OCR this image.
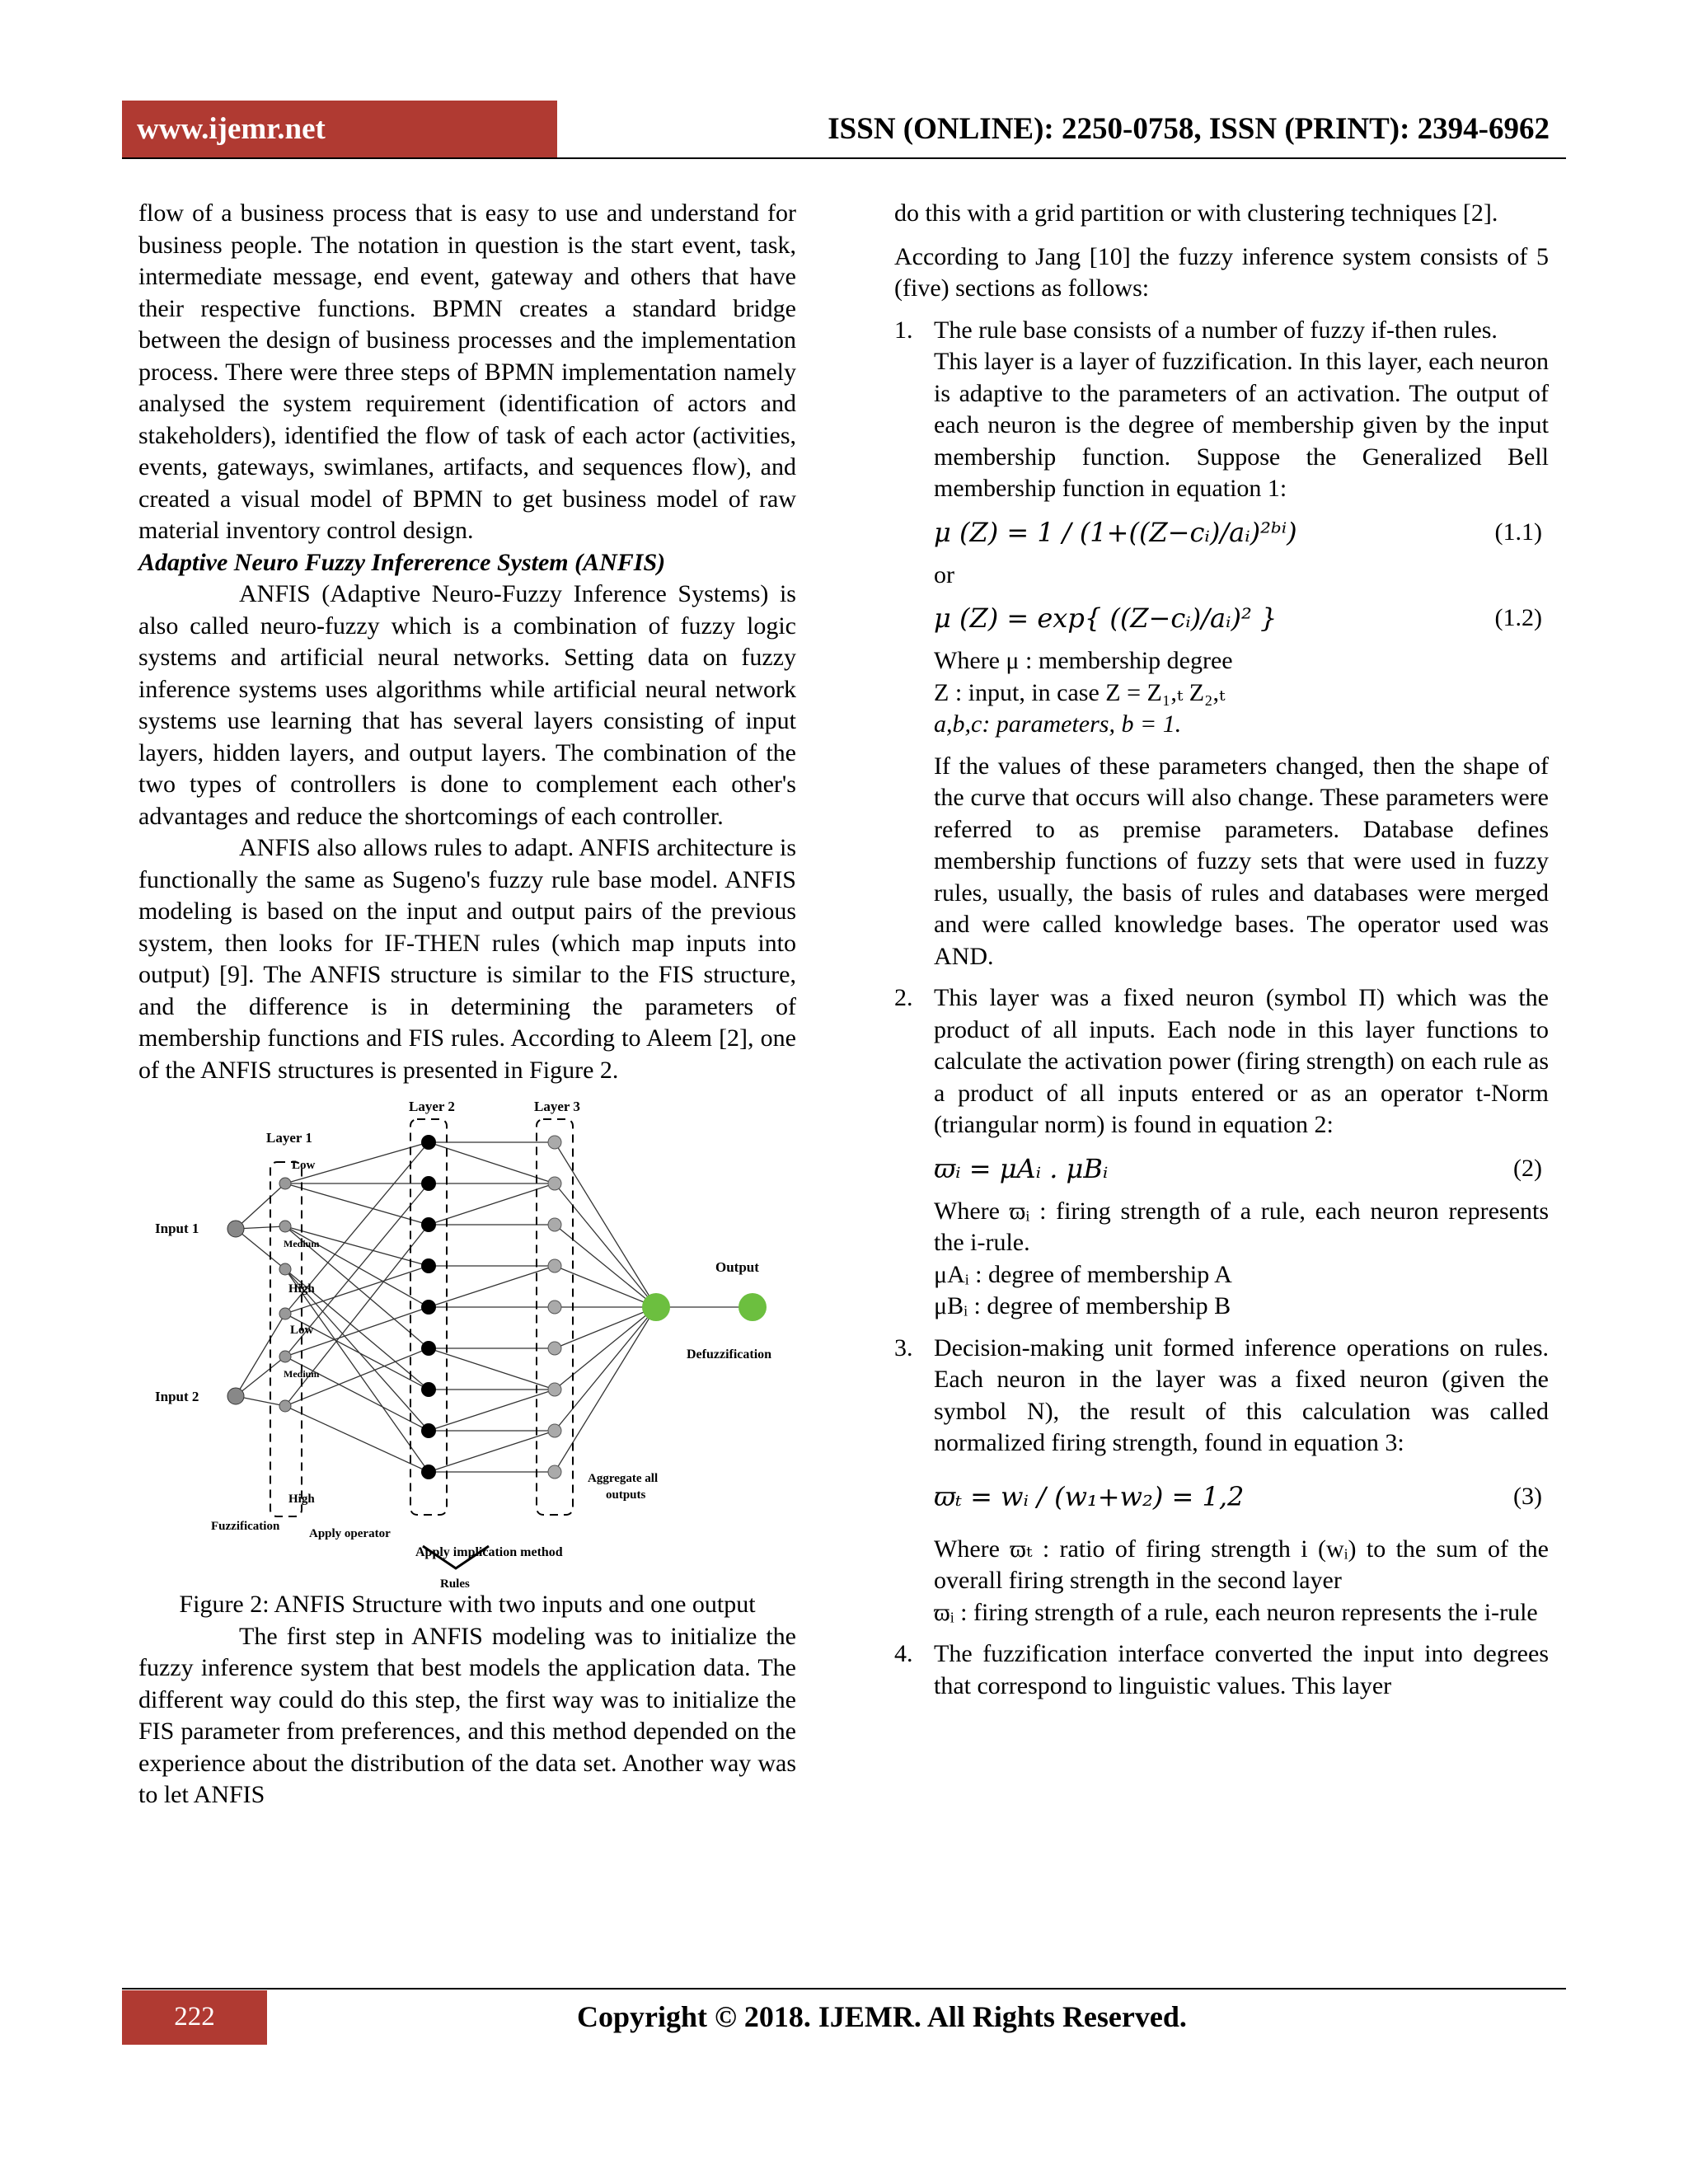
www.ijemr.net	ISSN (ONLINE): 2250-0758, ISSN (PRINT): 2394-6962

flow of a business process that is easy to use and understand for business people. The notation in question is the start event, task, intermediate message, end event, gateway and others that have their respective functions. BPMN creates a standard bridge between the design of business processes and the implementation process. There were three steps of BPMN implementation namely analysed the system requirement (identification of actors and stakeholders), identified the flow of task of each actor (activities, events, gateways, swimlanes, artifacts, and sequences flow), and created a visual model of BPMN to get business model of raw material inventory control design.

Adaptive Neuro Fuzzy Infererence System (ANFIS)

ANFIS (Adaptive Neuro-Fuzzy Inference Systems) is also called neuro-fuzzy which is a combination of fuzzy logic systems and artificial neural networks. Setting data on fuzzy inference systems uses algorithms while artificial neural network systems use learning that has several layers consisting of input layers, hidden layers, and output layers. The combination of the two types of controllers is done to complement each other's advantages and reduce the shortcomings of each controller.

ANFIS also allows rules to adapt. ANFIS architecture is functionally the same as Sugeno's fuzzy rule base model. ANFIS modeling is based on the input and output pairs of the previous system, then looks for IF-THEN rules (which map inputs into output) [9]. The ANFIS structure is similar to the FIS structure, and the difference is in determining the parameters of membership functions and FIS rules. According to Aleem [2], one of the ANFIS structures is presented in Figure 2.

Layer 2	Layer 3
Layer 1
Input 1
Input 2
Low
Medium
High
Low
Medium
High
Output
Defuzzification
Aggregate all
outputs
Fuzzification
Apply operator
Apply implication method
Rules

Figure 2: ANFIS Structure with two inputs and one output

The first step in ANFIS modeling was to initialize the fuzzy inference system that best models the application data. The different way could do this step, the first way was to initialize the FIS parameter from preferences, and this method depended on the experience about the distribution of the data set. Another way was to let ANFIS

do this with a grid partition or with clustering techniques [2].

According to Jang [10] the fuzzy inference system consists of 5 (five) sections as follows:

1. The rule base consists of a number of fuzzy if-then rules.

This layer is a layer of fuzzification. In this layer, each neuron is adaptive to the parameters of an activation. The output of each neuron is the degree of membership given by the input membership function. Suppose the Generalized Bell membership function in equation 1:

μ (Z) = 1 / (1+((Z−cᵢ)/aᵢ)²ᵇⁱ)	(1.1)

or

μ (Z) = exp{ ((Z−cᵢ)/aᵢ)² }	(1.2)

Where μ : membership degree

Z : input, in case Z = Z₁,ₜ Z₂,ₜ

a,b,c: parameters, b = 1.

If the values of these parameters changed, then the shape of the curve that occurs will also change. These parameters were referred to as premise parameters. Database defines membership functions of fuzzy sets that were used in fuzzy rules, usually, the basis of rules and databases were merged and were called knowledge bases. The operator used was AND.

2. This layer was a fixed neuron (symbol Π) which was the product of all inputs. Each node in this layer functions to calculate the activation power (firing strength) on each rule as a product of all inputs entered or as an operator t-Norm (triangular norm) is found in equation 2:

ϖᵢ = μAᵢ . μBᵢ	(2)

Where ϖᵢ : firing strength of a rule, each neuron represents the i-rule.

μAᵢ : degree of membership A

μBᵢ : degree of membership B

3. Decision-making unit formed inference operations on rules. Each neuron in the layer was a fixed neuron (given the symbol N), the result of this calculation was called normalized firing strength, found in equation 3:

ϖₜ = wᵢ / (w₁+w₂) = 1,2	(3)

Where ϖₜ : ratio of firing strength i (wᵢ) to the sum of the overall firing strength in the second layer

ϖᵢ : firing strength of a rule, each neuron represents the i-rule

4. The fuzzification interface converted the input into degrees that correspond to linguistic values. This layer

222	Copyright © 2018. IJEMR. All Rights Reserved.
